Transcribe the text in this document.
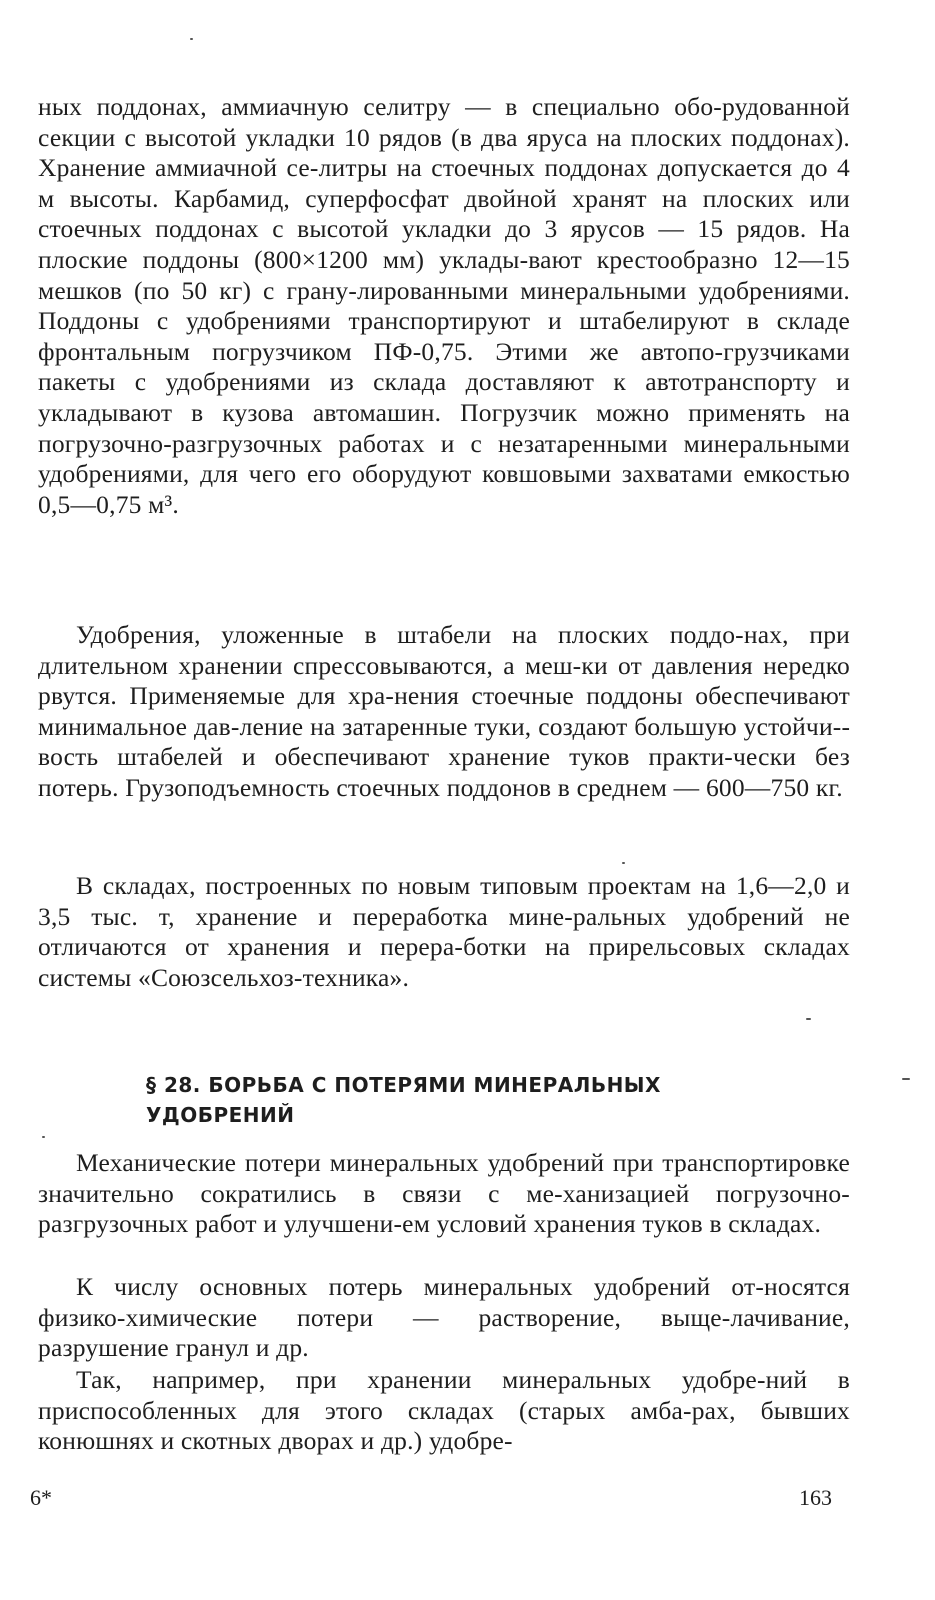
ных поддонах, аммиачную селитру — в специально обо-рудованной секции с высотой укладки 10 рядов (в два яруса на плоских поддонах). Хранение аммиачной се-литры на стоечных поддонах допускается до 4 м высоты. Карбамид, суперфосфат двойной хранят на плоских или стоечных поддонах с высотой укладки до 3 ярусов — 15 рядов. На плоские поддоны (800×1200 мм) уклады-вают крестообразно 12—15 мешков (по 50 кг) с грану-лированными минеральными удобрениями. Поддоны с удобрениями транспортируют и штабелируют в складе фронтальным погрузчиком ПФ-0,75. Этими же автопо-грузчиками пакеты с удобрениями из склада доставляют к автотранспорту и укладывают в кузова автомашин. Погрузчик можно применять на погрузочно-разгрузочных работах и с незатаренными минеральными удобрениями, для чего его оборудуют ковшовыми захватами емкостью 0,5—0,75 м³.

Удобрения, уложенные в штабели на плоских поддо-нах, при длительном хранении спрессовываются, а меш-ки от давления нередко рвутся. Применяемые для хра-нения стоечные поддоны обеспечивают минимальное дав-ление на затаренные туки, создают большую устойчи-вость штабелей и обеспечивают хранение туков практи-чески без потерь. Грузоподъемность стоечных поддонов в среднем — 600—750 кг.

В складах, построенных по новым типовым проектам на 1,6—2,0 и 3,5 тыс. т, хранение и переработка мине-ральных удобрений не отличаются от хранения и перера-ботки на прирельсовых складах системы «Союзсельхоз-техника».

§ 28. БОРЬБА С ПОТЕРЯМИ МИНЕРАЛЬНЫХ УДОБРЕНИЙ

Механические потери минеральных удобрений при транспортировке значительно сократились в связи с ме-ханизацией погрузочно-разгрузочных работ и улучшени-ем условий хранения туков в складах.

К числу основных потерь минеральных удобрений от-носятся физико-химические потери — растворение, выще-лачивание, разрушение гранул и др.

Так, например, при хранении минеральных удобре-ний в приспособленных для этого складах (старых амба-рах, бывших конюшнях и скотных дворах и др.) удобре-

6*	163
